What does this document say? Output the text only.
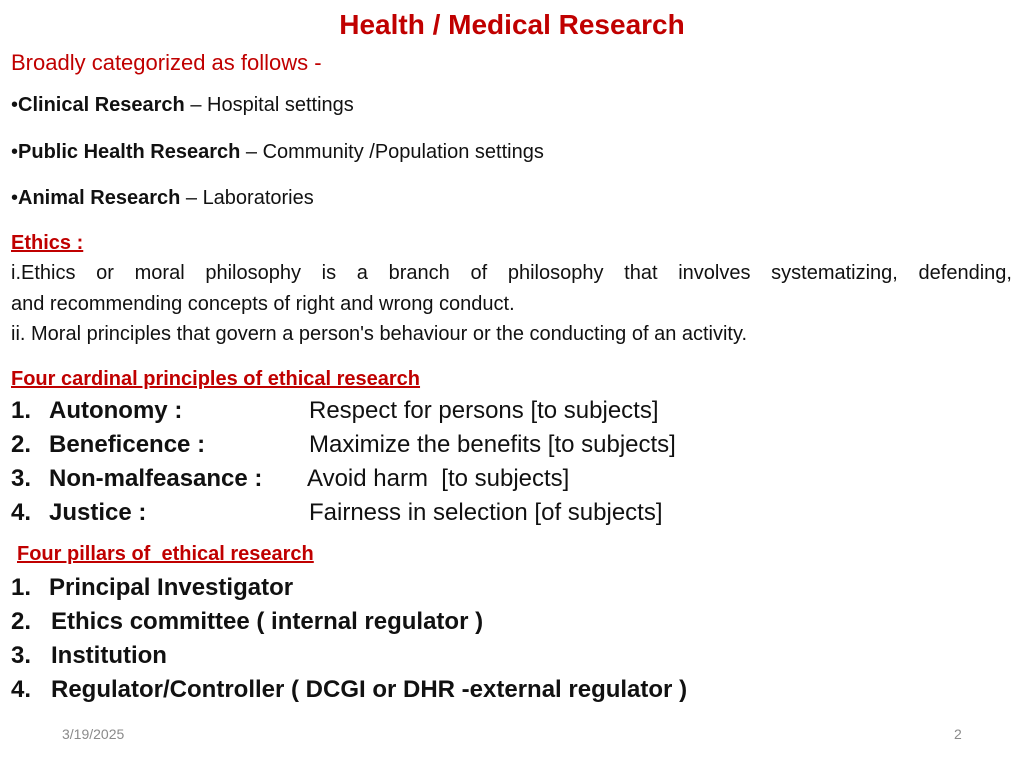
Health / Medical Research
Broadly categorized as follows -
•Clinical Research – Hospital settings
•Public Health Research – Community /Population settings
•Animal Research – Laboratories
Ethics :
i.Ethics or moral philosophy is a branch of philosophy that involves systematizing, defending,
and recommending concepts of right and wrong conduct.
ii. Moral principles that govern a person's behaviour or the conducting of an activity.
Four cardinal principles of ethical research
1. Autonomy :	Respect for persons [to subjects]
2. Beneficence :	Maximize the benefits [to subjects]
3. Non-malfeasance : Avoid harm  [to subjects]
4. Justice :	Fairness in selection [of subjects]
Four pillars of  ethical research
1. Principal Investigator
2. Ethics committee ( internal regulator )
3. Institution
4. Regulator/Controller ( DCGI or DHR -external regulator )
3/19/2025	2
